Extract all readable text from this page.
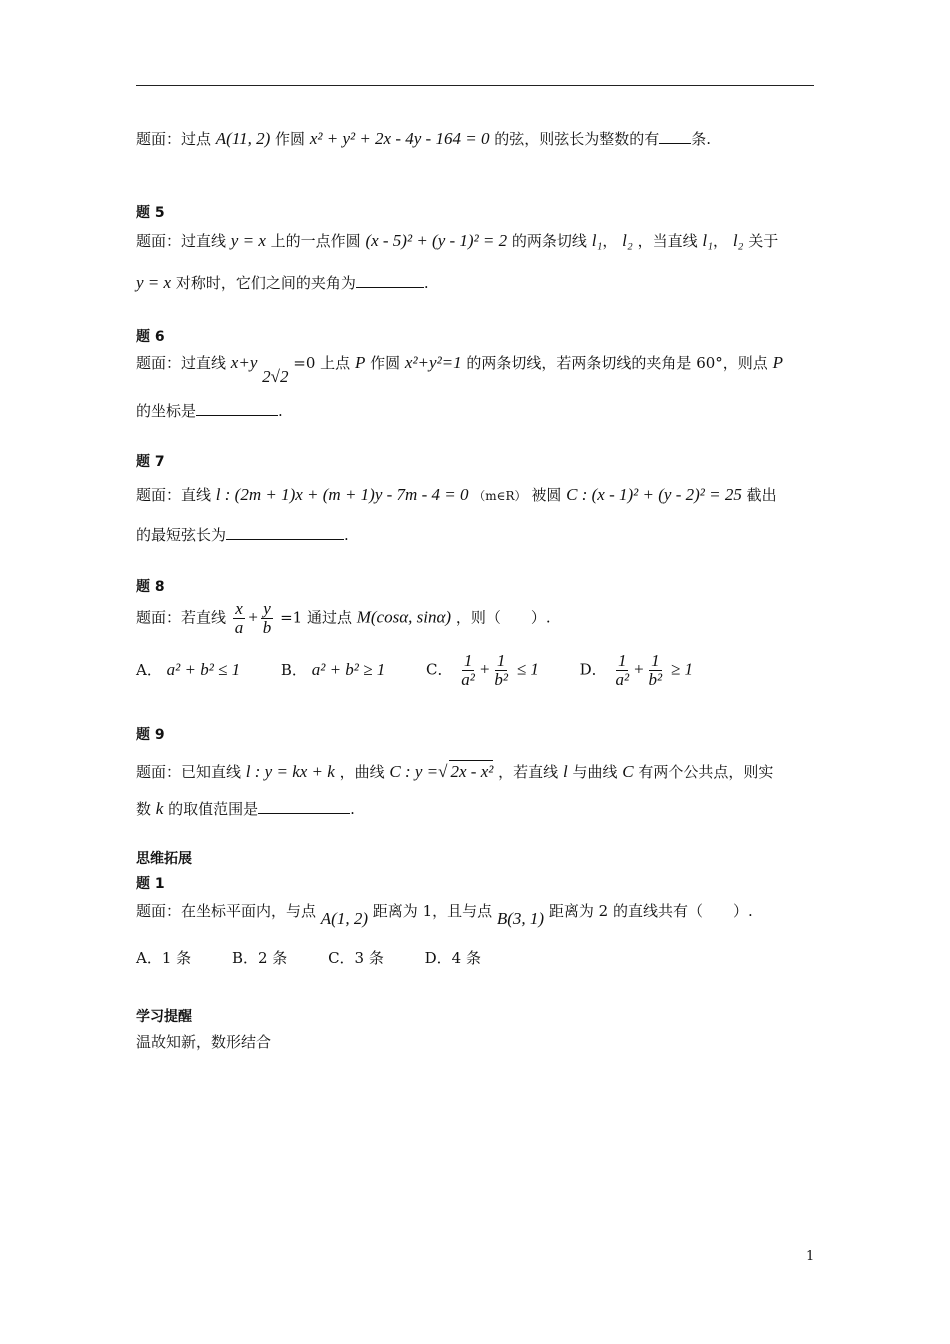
题面：过点 A(11, 2) 作圆 x² + y² + 2x - 4y - 164 = 0 的弦，则弦长为整数的有 条.
题 5
题面：过直线 y = x 上的一点作圆 (x - 5)² + (y - 1)² = 2 的两条切线 l₁， l₂ ，当直线 l₁， l₂ 关于
y = x 对称时，它们之间的夹角为	.
题 6
题面：过直线 x+y 2√2 =0 上点 P 作圆 x²+y²=1 的两条切线，若两条切线的夹角是 60°，则点 P
的坐标是	.
题 7
题面：直线 l : (2m + 1)x + (m + 1)y - 7m - 4 = 0 （m∈R） 被圆 C : (x - 1)² + (y - 2)² = 25 截出
的最短弦长为	.
题 8
题面：若直线 $\frac{x}{a} + \frac{y}{b} =1$ 通过点 M(cosα, sinα) ，则（　　）.
A． a² + b² ≤ 1	B． a² + b² ≥ 1	C． $\frac{1}{\text{a²}} + \frac{1}{\text{b²}} \le 1$	D． $\frac{1}{\text{a²}} + \frac{1}{\text{b²}} \ge 1$
题 9
题面：已知直线 l : y = kx + k ，曲线 C : y =√ 2x - x² ，若直线 l 与曲线 C 有两个公共点，则实
数 k 的取值范围是	.
思维拓展
题 1
题面：在坐标平面内，与点 A(1, 2) 距离为 1，且与点 B(3, 1) 距离为 2 的直线共有（　　）.
A．1 条	B．2 条	C．3 条	D．4 条
学习提醒
温故知新，数形结合
1
